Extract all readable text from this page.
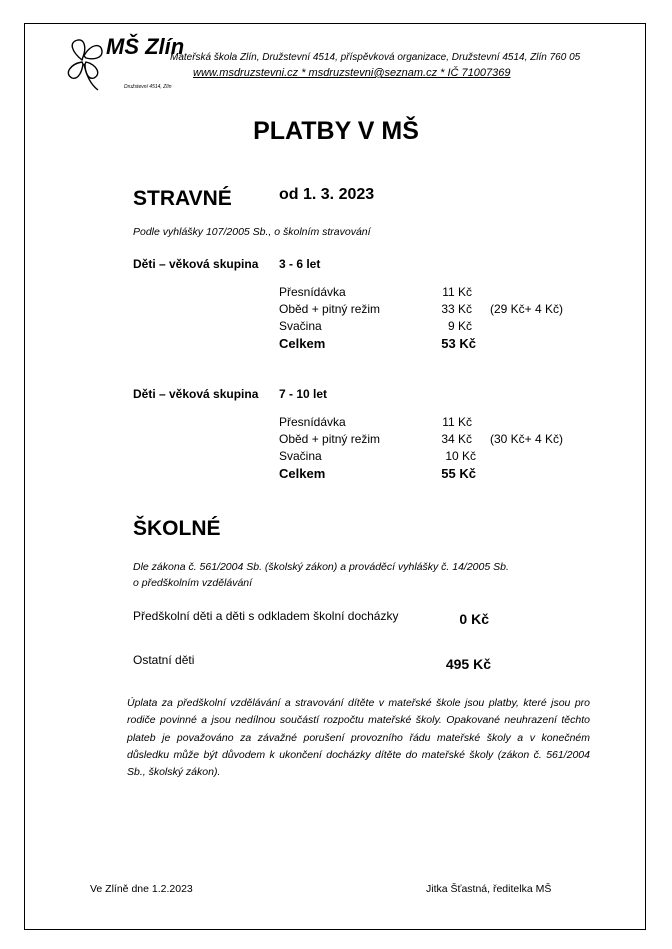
MŠ Zlín
Družstevní 4514, Zlín
Mateřská škola Zlín, Družstevní 4514, příspěvková organizace, Družstevní 4514, Zlín 760 05
www.msdruzstevni.cz * msdruzstevni@seznam.cz * IČ 71007369
PLATBY V MŠ
STRAVNÉ	od 1. 3. 2023
Podle vyhlášky 107/2005 Sb., o školním stravování
Děti – věková skupina 3 - 6 let
Přesnídávka	11 Kč
Oběd + pitný režim	33 Kč (29 Kč+ 4 Kč)
Svačina	9 Kč
Celkem	53 Kč
Děti – věková skupina 7 - 10 let
Přesnídávka	11 Kč
Oběd + pitný režim	34 Kč (30 Kč+ 4 Kč)
Svačina	10 Kč
Celkem	55 Kč
ŠKOLNÉ
Dle zákona č. 561/2004 Sb. (školský zákon) a prováděcí vyhlášky č. 14/2005 Sb.
o předškolním vzdělávání
Předškolní děti a děti s odkladem školní docházky	0 Kč
Ostatní děti	495 Kč
Úplata za předškolní vzdělávání a stravování dítěte v mateřské škole jsou platby, které jsou pro rodiče povinné a jsou nedílnou součástí rozpočtu mateřské školy. Opakované neuhrazení těchto plateb je považováno za závažné porušení provozního řádu mateřské školy a v konečném důsledku může být důvodem k ukončení docházky dítěte do mateřské školy (zákon č. 561/2004 Sb., školský zákon).
Ve Zlíně dne 1.2.2023	Jitka Šťastná, ředitelka MŠ
